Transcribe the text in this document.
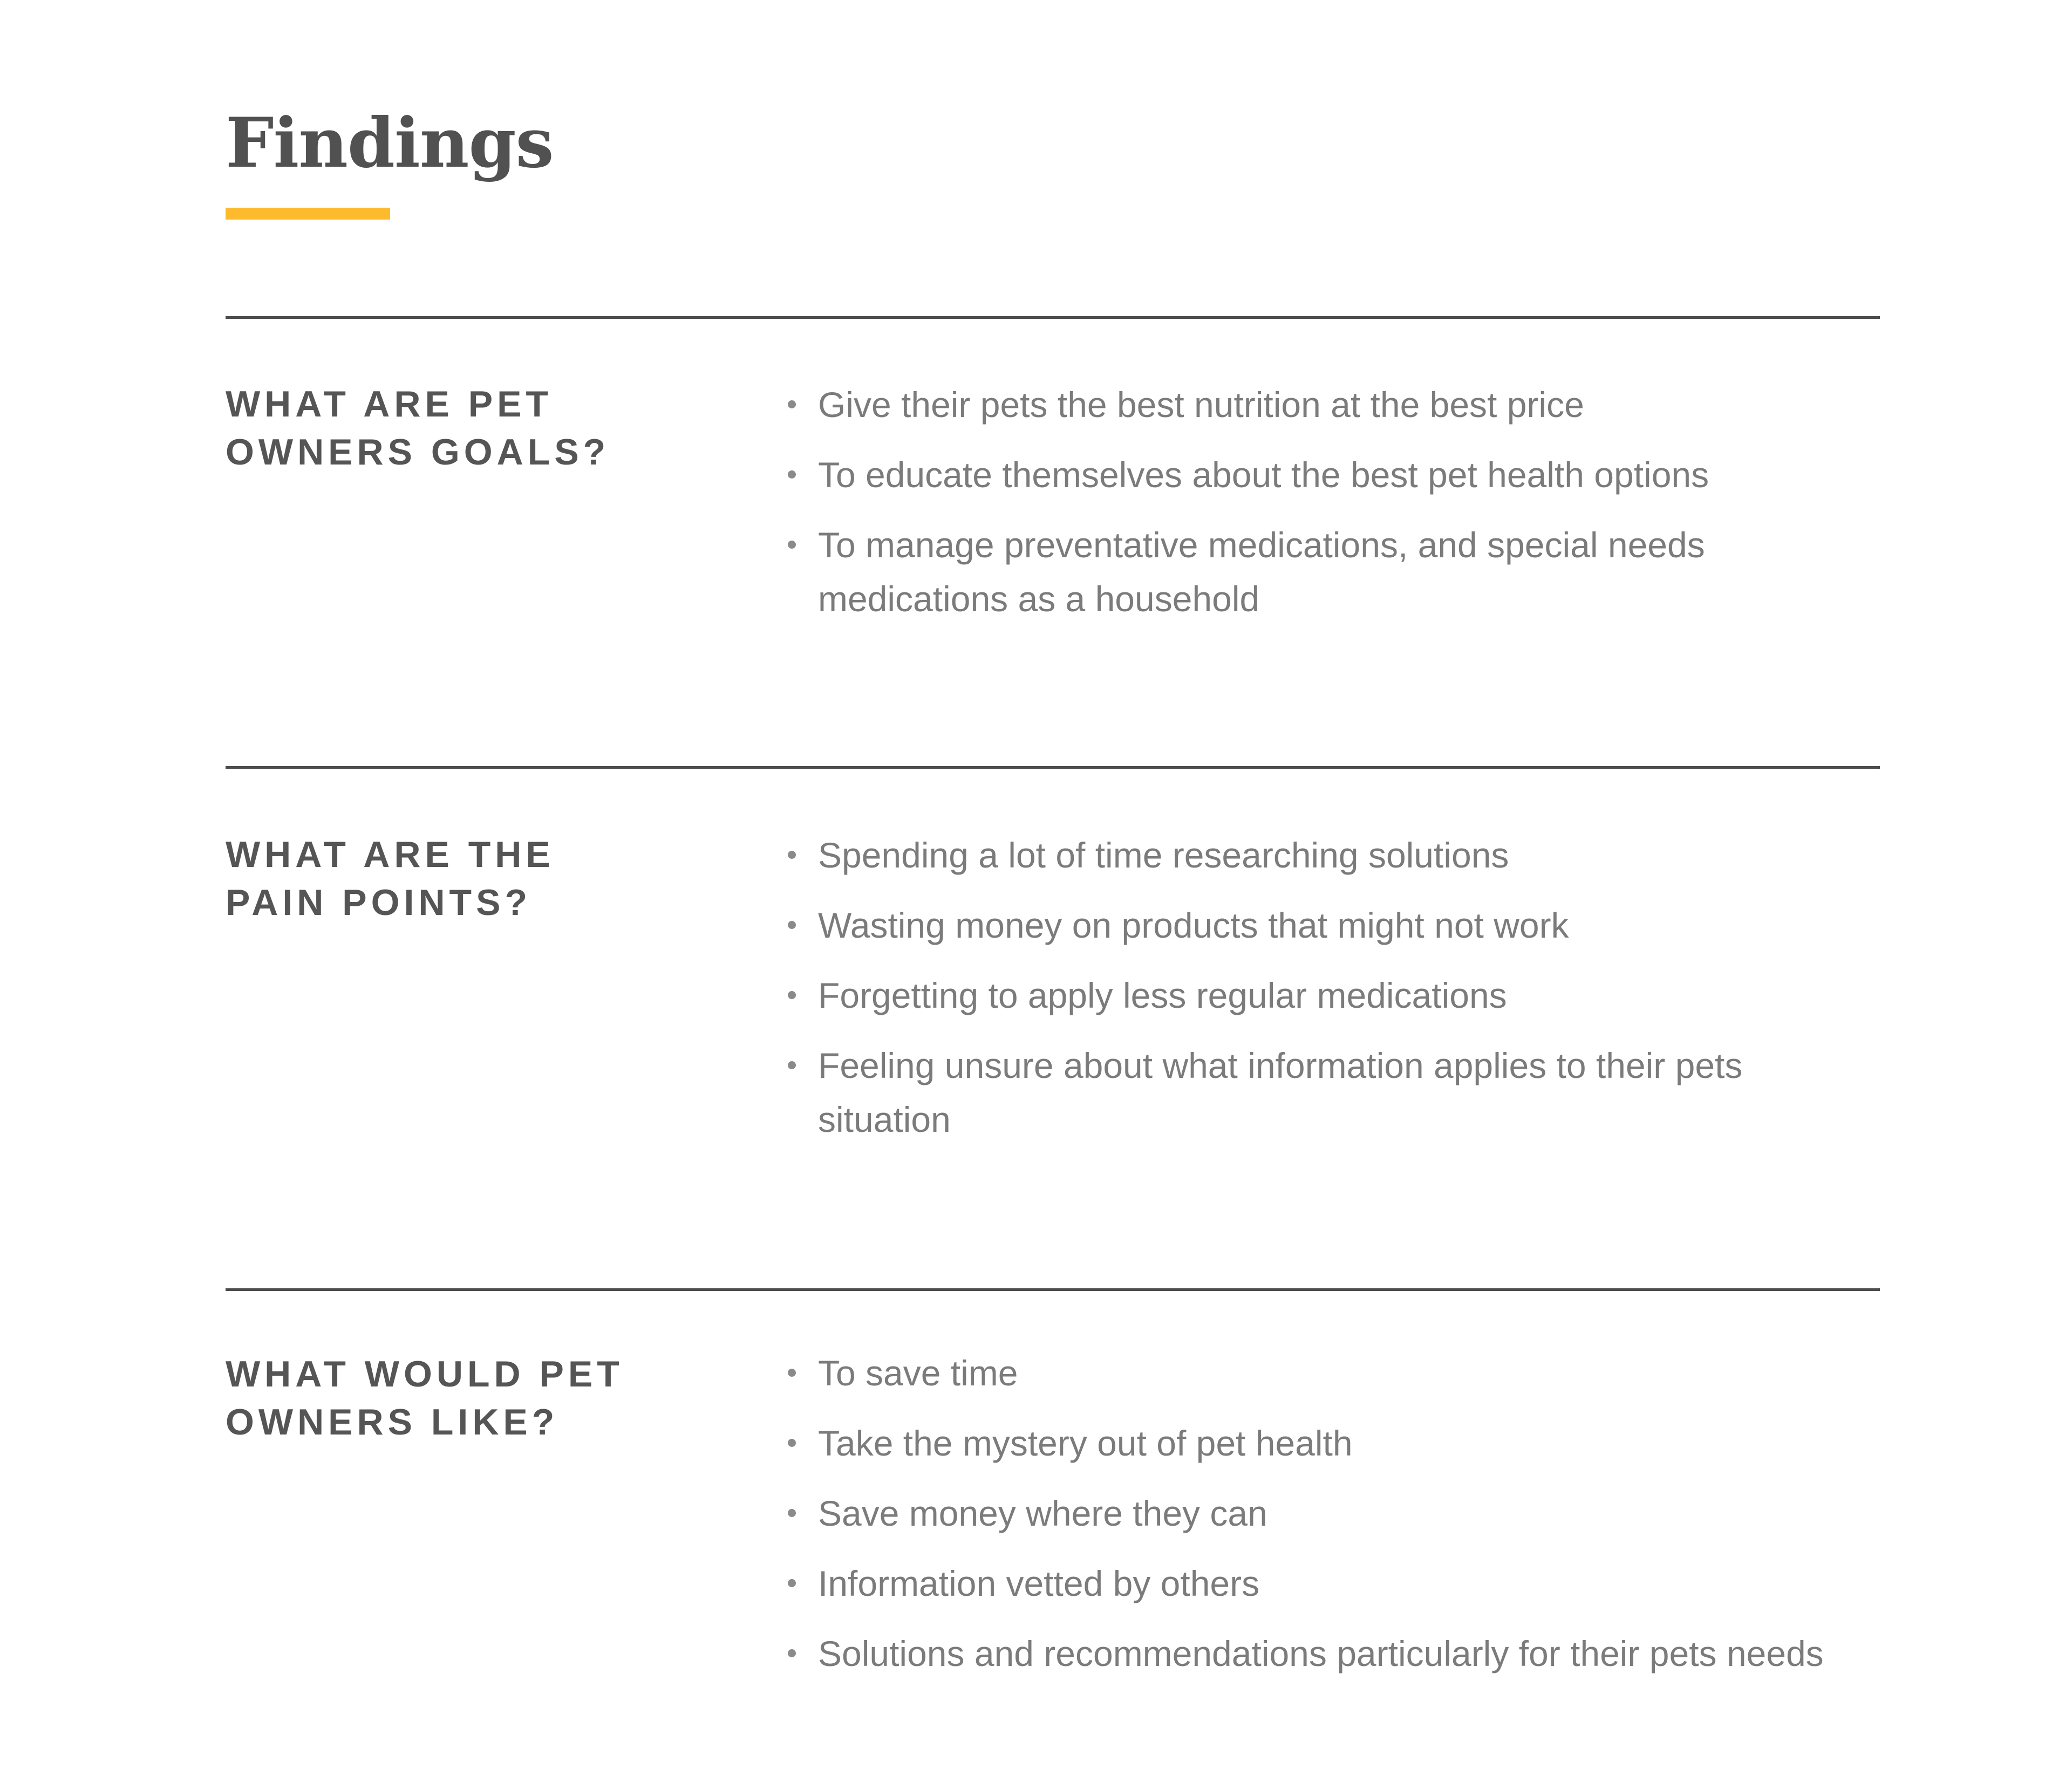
Findings
WHAT ARE PET
OWNERS GOALS?
Give their pets the best nutrition at the best price
To educate themselves about the best pet health options
To manage preventative medications, and special needs medications as a household
WHAT ARE THE
PAIN POINTS?
Spending a lot of time researching solutions
Wasting money on products that might not work
Forgetting to apply less regular medications
Feeling unsure about what information applies to their pets situation
WHAT WOULD PET
OWNERS LIKE?
To save time
Take the mystery out of pet health
Save money where they can
Information vetted by others
Solutions and recommendations particularly for their pets needs
